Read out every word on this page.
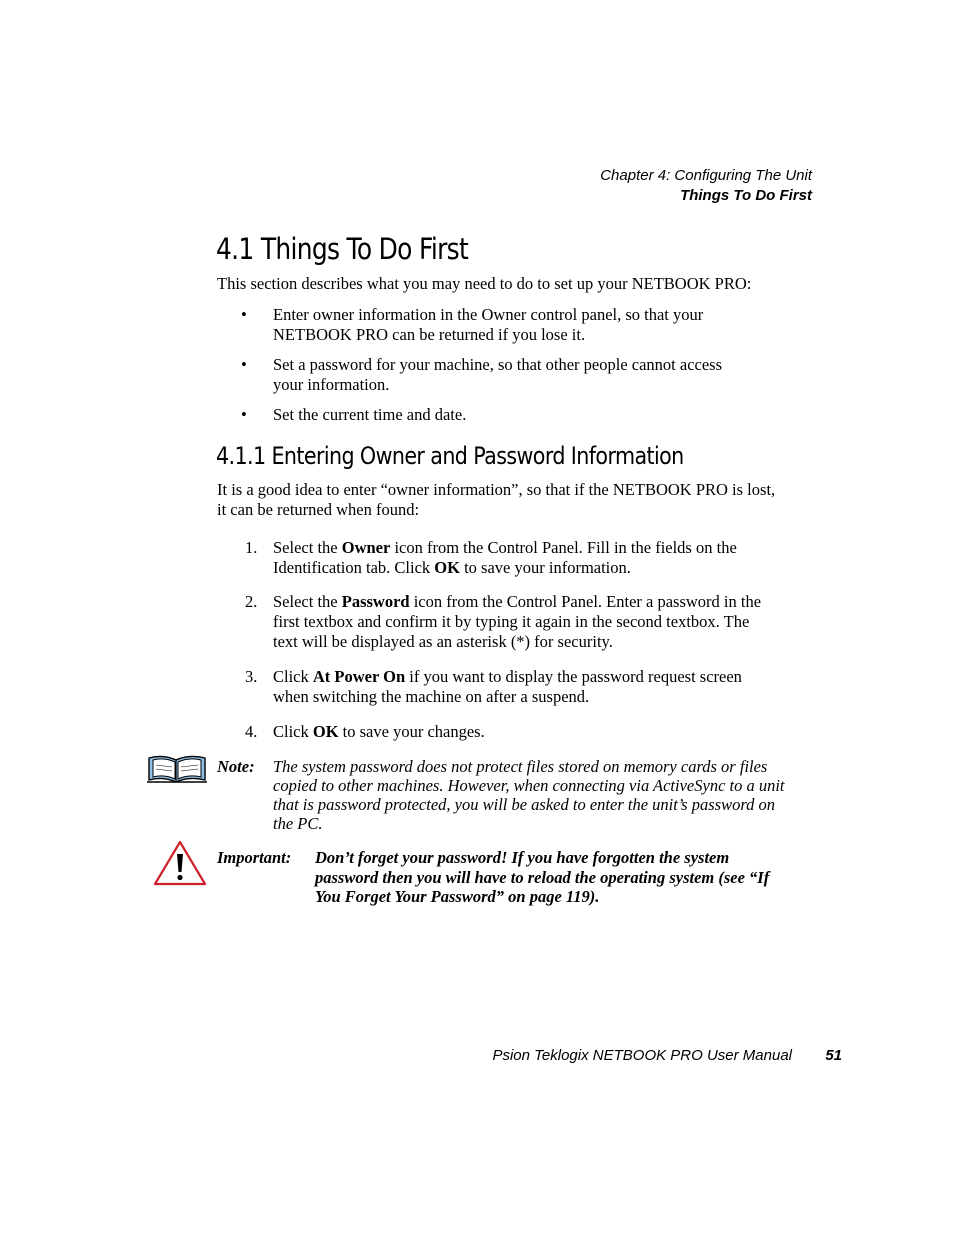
Chapter 4: Configuring The Unit
Things To Do First
4.1 Things To Do First
This section describes what you may need to do to set up your NETBOOK PRO:
• Enter owner information in the Owner control panel, so that your NETBOOK PRO can be returned if you lose it.
• Set a password for your machine, so that other people cannot access your information.
• Set the current time and date.
4.1.1 Entering Owner and Password Information
It is a good idea to enter “owner information”, so that if the NETBOOK PRO is lost, it can be returned when found:
1. Select the Owner icon from the Control Panel. Fill in the fields on the Identification tab. Click OK to save your information.
2. Select the Password icon from the Control Panel. Enter a password in the first textbox and confirm it by typing it again in the second textbox. The text will be displayed as an asterisk (*) for security.
3. Click At Power On if you want to display the password request screen when switching the machine on after a suspend.
4. Click OK to save your changes.
Note: The system password does not protect files stored on memory cards or files copied to other machines. However, when connecting via ActiveSync to a unit that is password protected, you will be asked to enter the unit’s password on the PC.
Important: Don’t forget your password! If you have forgotten the system password then you will have to reload the operating system (see “If You Forget Your Password” on page 119).
Psion Teklogix NETBOOK PRO User Manual 51
